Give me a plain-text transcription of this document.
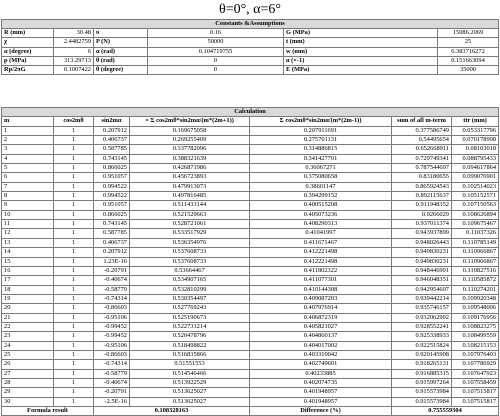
θ=0°, α=6°
Constants &Assumptions					
R (mm)	30.48	υ	0.16	G (MPa)	15086.2069
χ	2.4482759	P (N)	50000	t (mm)	25
α (degree)	6	α (rad)	0.104719755	w (mm)	6.383716272
p (MPa)	313.29713	θ (rad)	0	α (×-1)	0.151663094
Rp/2πG	0.1007422	θ (degree)	0	E (MPa)	35000
Calculation						
m	cos2mθ	sin2mα	× Σ cos2mθ*sin2mα/(m*(2m+1))	Σ cos2mθ*sin2mα/(m*(2m-1))	sum of all m-term	ttr (mm)
1	1	0.207912	0.169675058	0.207911691	0.377586749	0.053317796
2	1	0.406737	0.269255409	0.275701131	0.54495654	0.070178998
3	1	0.587785	0.337782096	0.314886815	0.652668911	0.08103018
4	1	0.743145	0.388321639	0.341427701	0.729749341	0.088795433
5	1	0.866025	0.426871986	0.36067271	0.787544697	0.094617864
6	1	0.951057	0.456723893	0.375080658	0.83180655	0.099076901
7	1	0.994522	0.479913073	0.38601147	0.865924543	0.102514023
8	1	0.994522	0.497816485	0.394299152	0.892115637	0.105152571
9	1	0.951057	0.511433144	0.400515208	0.911948352	0.107150563
10	1	0.866025	0.521529663	0.405073236	0.9266029	0.108626894
11	1	0.743145	0.528721061	0.408290313	0.937011374	0.109675467
12	1	0.587785	0.533517929	0.41041997	0.943937899	0.11037326
13	1	0.406737	0.536354976	0.411671467	0.948026443	0.110785149
14	1	0.207912	0.537608733	0.412221498	0.949830231	0.110966867
15	1	1.23E-16	0.537608733	0.412221498	0.949830231	0.110966867
16	1	-0.20791	0.53664467	0.411802322	0.948446991	0.110827516
17	1	-0.40674	0.534907165	0.411077301	0.946048351	0.110585872
18	1	-0.58779	0.532810299	0.410144308	0.942954607	0.110274201
19	1	-0.74314	0.530354497	0.409087203	0.939442214	0.109920348
20	1	-0.86603	0.527769243	0.407976914	0.935746157	0.109548006
21	1	-0.95106	0.525190673	0.406872319	0.932062992	0.109176956
22	1	-0.99452	0.522731214	0.405821027	0.928552241	0.108823275
23	1	-0.99452	0.520478796	0.404860137	0.925338933	0.108499559
24	1	-0.95106	0.518498822	0.404017002	0.922515824	0.108215153
25	1	-0.86603	0.516835866	0.403310042	0.920145908	0.107976403
26	1	-0.74314	0.51551553	0.402749601	0.918265131	0.107786929
27	1	-0.58779	0.514546466	0.40233885	0.916885315	0.107647923
28	1	-0.40674	0.513922529	0.402074735	0.915997264	0.107558459
29	1	-0.20791	0.513625027	0.401948957	0.915573984	0.107515817
30	1	-2.5E-16	0.513625027	0.401948957	0.915573984	0.107515817
Formula result		0.108328163		Difference (%)	0.755559304	
